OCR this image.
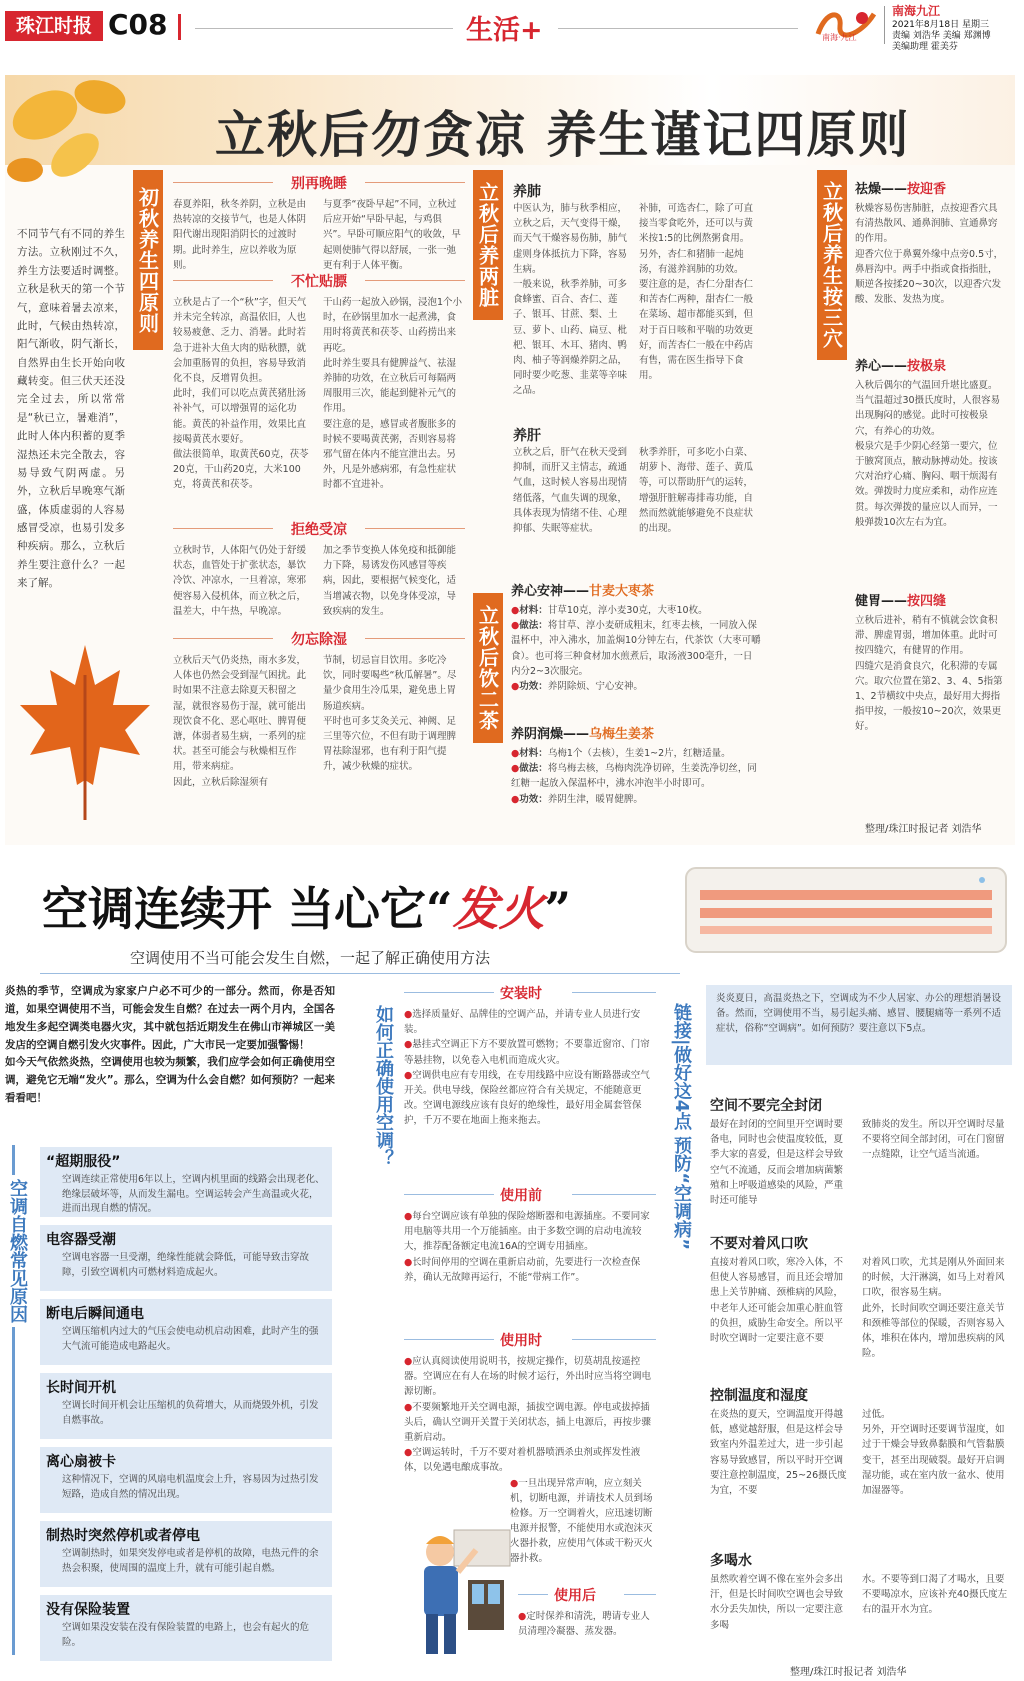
珠江时报 C08	生活+	南海·九江
南海九江
2021年8月18日 星期三
责编 刘浩华 美编 郑渊博
美编助理 霍美芬
立秋后勿贪凉 养生谨记四原则
不同节气有不同的养生方法。立秋刚过不久，养生方法要适时调整。立秋是秋天的第一个节气，意味着暑去凉来，此时，气候由热转凉，阳气渐收，阴气渐长，自然界由生长开始向收藏转变。但三伏天还没完全过去，所以常常是“秋已立，暑难消”，此时人体内积蓄的夏季湿热还未完全散去，容易导致气阴两虚。另外，立秋后早晚寒气渐盛，体质虚弱的人容易感冒受凉，也易引发多种疾病。那么，立秋后养生要注意什么？一起来了解。
初秋养生四原则
别再晚睡
春夏养阳，秋冬养阴，立秋是由热转凉的交接节气，也是人体阴阳代谢出现阳消阴长的过渡时期。此时养生，应以养收为原则。
与夏季“夜卧早起”不同，立秋过后应开始“早卧早起，与鸡俱兴”。早卧可顺应阳气的收敛，早起则使肺气得以舒展，一张一弛更有利于人体平衡。
不忙贴膘
立秋是占了一个“秋”字，但天气并未完全转凉，高温依旧，人也较易疲惫、乏力、消暑。此时若急于进补大鱼大肉的贴秋膘，就会加重肠胃的负担，容易导致消化不良，反增胃负担。
此时，我们可以吃点黄芪猪肚汤补补气，可以增强胃的运化功能。黄芪的补益作用，效果比直接喝黄芪水要好。
做法很简单，取黄芪60克，茯苓20克，干山药20克，大米100克，将黄芪和茯苓。
干山药一起放入砂锅，浸泡1个小时，在砂锅里加水一起煮沸，食用时将黄芪和茯苓、山药捞出来再吃。
此时养生要具有健脾益气、祛湿养肺的功效，在立秋后可每隔两周服用三次，能起到健补元气的作用。
要注意的是，感冒或者腹胀多的时候不要喝黄芪粥，否则容易将邪气留在体内不能宣泄出去。另外，凡是外感病邪，有急性症状时都不宜进补。
拒绝受凉
立秋时节，人体阳气仍处于舒缓状态，血管处于扩张状态，暴饮冷饮、冲凉水，一旦着凉，寒邪便容易入侵机体，而立秋之后，温差大，中午热，早晚凉。
加之季节变换人体免疫和抵御能力下降，易诱发伤风感冒等疾病，因此，要根据气候变化，适当增减衣物，以免身体受凉，导致疾病的发生。
勿忘除湿
立秋后天气仍炎热，雨水多发，人体也仍然会受到湿气困扰。此时如果不注意去除夏天积留之湿，就很容易伤于湿，就可能出现饮食不化、恶心呕吐、脾胃便溏，体弱者易生病，一系列的症状。甚至可能会与秋燥相互作用，带来病症。
因此，立秋后除湿须有
节制，切忌盲目饮用。多吃冷饮，同时要喝些“秋瓜解暑”。尽量少食用生冷瓜果，避免患上胃肠道疾病。
平时也可多艾灸关元、神阙、足三里等穴位，不但有助于调理脾胃祛除湿邪，也有利于阳气提升，减少秋燥的症状。
立秋后养两脏 养肺
中医认为，肺与秋季相应，立秋之后，天气变得干燥，而天气干燥容易伤肺，肺气虚则身体抵抗力下降，容易生病。
一般来说，秋季养肺，可多食蜂蜜、百合、杏仁、莲子、银耳、甘蔗、梨、土豆、萝卜、山药、扁豆、枇杷、银耳、木耳、猪肉、鸭肉、柚子等润燥养阴之品，同时要少吃葱、韭菜等辛味之品。
补肺，可选杏仁，除了可直接当零食吃外，还可以与黄米按1:5的比例熬粥食用。另外，杏仁和猪肺一起炖汤，有滋养润肺的功效。
要注意的是，杏仁分甜杏仁和苦杏仁两种，甜杏仁一般在菜场、超市都能买到，但对于百日咳和平喘的功效更好，而苦杏仁一般在中药店有售，需在医生指导下食用。
养肝
立秋之后，肝气在秋天受到抑制，而肝又主情志，疏通气血，这时候人容易出现情绪低落，气血失调的现象，具体表现为情绪不佳、心理抑郁、失眠等症状。
秋季养肝，可多吃小白菜、胡萝卜、海带、莲子、黄瓜等，可以帮助肝气的运转，增强肝脏解毒排毒功能，自然而然就能够避免不良症状的出现。
立秋后饮二茶
养心安神——甘麦大枣茶
●材料：甘草10克，淳小麦30克，大枣10枚。
●做法：将甘草、淳小麦研成粗末，红枣去核，一同放入保温杯中，冲入沸水，加盖焖10分钟左右，代茶饮（大枣可嚼食）。也可将三种食材加水煎煮后，取汤液300毫升，一日内分2~3次服完。
●功效：养阴除烦、宁心安神。
养阴润燥——乌梅生姜茶
●材料：乌梅1个（去核），生姜1~2片，红糖适量。
●做法：将乌梅去核，乌梅肉洗净切碎，生姜洗净切丝，同红糖一起放入保温杯中，沸水冲泡半小时即可。
●功效：养阴生津，暖胃健脾。
立秋后养生按三穴 祛燥——按迎香
秋燥容易伤害肺脏，点按迎香穴具有清热散风、通鼻润肺、宣通鼻窍的作用。
迎香穴位于鼻翼外缘中点旁0.5寸，鼻唇沟中。两手中指或食指指肚，顺逆各按揉20~30次，以迎香穴发酸、发胀、发热为度。
养心——按极泉
入秋后偶尔的气温回升堪比盛夏。当气温超过30摄氏度时，人很容易出现胸闷的感觉。此时可按极泉穴，有养心的功效。
极泉穴是手少阴心经第一要穴，位于腋窝顶点，腋动脉搏动处。按该穴对治疗心痛、胸闷、咽干烦渴有效。弹拨时力度应柔和，动作应连贯。每次弹拨的量应以人而异，一般弹拨10次左右为宜。
健胃——按四缝
立秋后进补，稍有不慎就会饮食积滞、脾虚胃弱，增加体重。此时可按四缝穴，有健胃的作用。
四缝穴是消食良穴，化积滞的专属穴。取穴位置在第2、3、4、5指第1、2节横纹中央点，最好用大拇指指甲按，一般按10~20次，效果更好。
整理/珠江时报记者 刘浩华
空调连续开 当心它“发火”
空调使用不当可能会发生自燃，一起了解正确使用方法
炎热的季节，空调成为家家户户必不可少的一部分。然而，你是否知道，如果空调使用不当，可能会发生自燃？在过去一两个月内，全国各地发生多起空调类电器火灾，其中就包括近期发生在佛山市禅城区一美发店的空调自燃引发火灾事件。因此，广大市民一定要加强警惕！
如今天气依然炎热，空调使用也较为频繁，我们应学会如何正确使用空调，避免它无端“发火”。那么，空调为什么会自燃？如何预防？一起来看看吧！
空调自燃常见原因
“超期服役”
空调连续正常使用6年以上，空调内机里面的线路会出现老化、绝缘层破坏等，从而发生漏电。空调运转会产生高温或火花，进而出现自燃的情况。
电容器受潮
空调电容器一旦受潮，绝缘性能就会降低，可能导致击穿故障，引致空调机内可燃材料造成起火。
断电后瞬间通电
空调压缩机内过大的气压会使电动机启动困难，此时产生的强大气流可能造成电路起火。
长时间开机
空调长时间开机会让压缩机的负荷增大，从而烧毁外机，引发自燃事故。
离心扇被卡
这种情况下，空调的风扇电机温度会上升，容易因为过热引发短路，造成自然的情况出现。
制热时突然停机或者停电
空调制热时，如果突发停电或者是停机的故障，电热元件的余热会积聚，使周围的温度上升，就有可能引起自燃。
没有保险装置
空调如果没安装在没有保险装置的电路上，也会有起火的危险。
如何正确使用空调？
安装时
●选择质量好、品牌佳的空调产品，并请专业人员进行安装。
●悬挂式空调正下方不要放置可燃物；不要靠近窗帘、门帘等悬挂物，以免卷入电机而造成火灾。
●空调供电应有专用线，在专用线路中应设有断路器或空气开关。供电导线，保险丝都应符合有关规定，不能随意更改。空调电源线应该有良好的绝缘性，最好用金属套管保护，千万不要在地面上拖来拖去。
使用前
●每台空调应该有单独的保险熔断器和电源插座。不要同家用电脑等共用一个万能插座。由于多数空调的启动电流较大，推荐配备额定电流16A的空调专用插座。
●长时间停用的空调在重新启动前，先要进行一次检查保养，确认无故障再运行，不能“带病工作”。
使用时
●应认真阅读使用说明书，按规定操作，切莫胡乱按遥控器。空调应在有人在场的时候才运行，外出时应当将空调电源切断。
●不要频繁地开关空调电源，插拔空调电源。停电或拔掉插头后，确认空调开关置于关闭状态，插上电源后，再按步骤重新启动。
●空调运转时，千万不要对着机器喷洒杀虫剂或挥发性液体，以免遇电酿成事故。
●一旦出现异常声响，应立刻关机，切断电源，并请技术人员到场检修。万一空调着火，应迅速切断电源并报警，不能使用水或泡沫灭火器扑救，应使用气体或干粉灭火器扑救。
使用后
●定时保养和清洗，聘请专业人员清理冷凝器、蒸发器。
链接|做好这4点 预防“空调病”
炎炎夏日，高温炎热之下，空调成为不少人居家、办公的理想消暑设备。然而，空调使用不当，易引起头痛、感冒、腰腿痛等一系列不适症状，俗称“空调病”。如何预防？要注意以下5点。
空间不要完全封闭
最好在封闭的空间里开空调时要备电，同时也会使温度较低，夏季大家的喜爱，但是这样会导致空气不流通，反而会增加病菌繁殖和上呼吸道感染的风险，严重时还可能导
致肺炎的发生。所以开空调时尽量不要将空间全部封闭，可在门窗留一点缝隙，让空气适当流通。
不要对着风口吹
直接对着风口吹，寒冷入体，不但使人容易感冒，而且还会增加患上关节肿痛、颈椎病的风险，中老年人还可能会加重心脏血管的负担，威胁生命安全。所以平时吹空调时一定要注意不要
对着风口吹，尤其是刚从外面回来的时候，大汗淋漓，如马上对着风口吹，很容易生病。
此外，长时间吹空调还要注意关节和颈椎等部位的保暖，否则容易入体，堆积在体内，增加患疾病的风险。
控制温度和湿度
在炎热的夏天，空调温度开得越低，感觉越舒服，但是这样会导致室内外温差过大，进一步引起容易导致感冒，所以平时开空调要注意控制温度，25~26摄氏度为宜，不要
过低。
另外，开空调时还要调节湿度，如过于干燥会导致鼻黏膜和气管黏膜变干，甚至出现破裂。最好开启调湿功能，或在室内放一盆水、使用加湿器等。
多喝水
虽然吹着空调不像在室外会多出汗，但是长时间吹空调也会导致水分丢失加快，所以一定要注意多喝
水。不要等到口渴了才喝水，且要不要喝凉水，应该补充40摄氏度左右的温开水为宜。
整理/珠江时报记者 刘浩华
